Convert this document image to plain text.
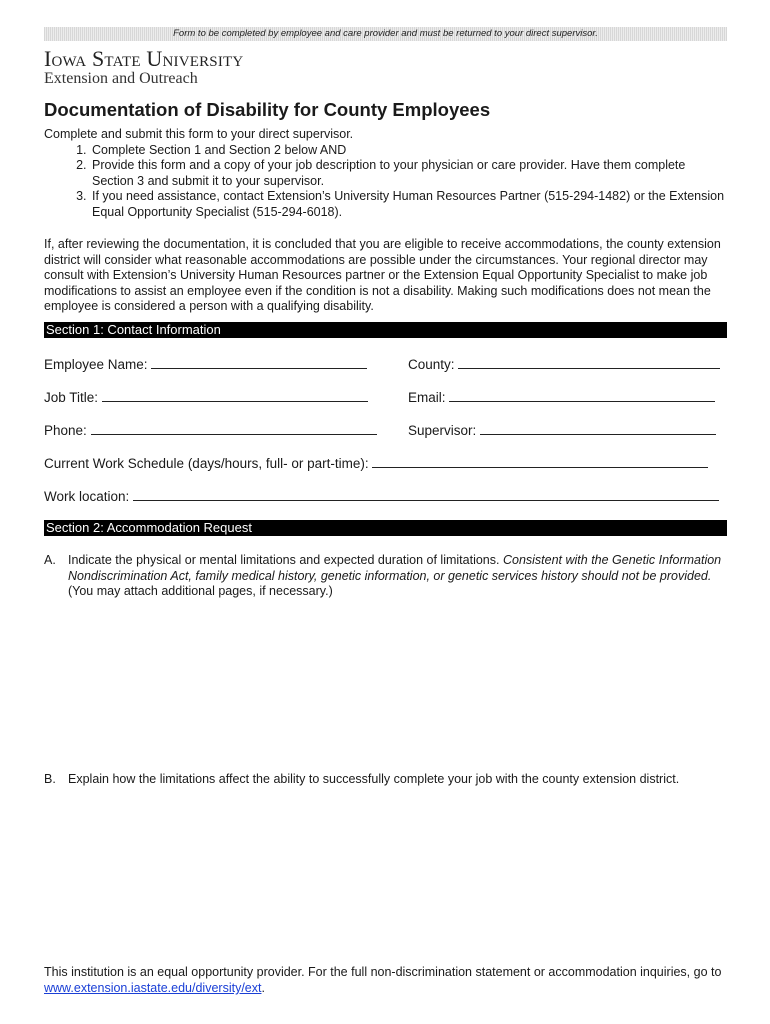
Form to be completed by employee and care provider and must be returned to your direct supervisor.
Iowa State University
Extension and Outreach
Documentation of Disability for County Employees
Complete and submit this form to your direct supervisor.
1. Complete Section 1 and Section 2 below AND
2. Provide this form and a copy of your job description to your physician or care provider. Have them complete Section 3 and submit it to your supervisor.
3. If you need assistance, contact Extension’s University Human Resources Partner (515-294-1482) or the Extension Equal Opportunity Specialist (515-294-6018).
If, after reviewing the documentation, it is concluded that you are eligible to receive accommodations, the county extension district will consider what reasonable accommodations are possible under the circumstances. Your regional director may consult with Extension’s University Human Resources partner or the Extension Equal Opportunity Specialist to make job modifications to assist an employee even if the condition is not a disability. Making such modifications does not mean the employee is considered a person with a qualifying disability.
Section 1: Contact Information
Employee Name:	County:
Job Title:	Email:
Phone:	Supervisor:
Current Work Schedule (days/hours, full- or part-time):
Work location:
Section 2: Accommodation Request
A. Indicate the physical or mental limitations and expected duration of limitations. Consistent with the Genetic Information Nondiscrimination Act, family medical history, genetic information, or genetic services history should not be provided. (You may attach additional pages, if necessary.)
B. Explain how the limitations affect the ability to successfully complete your job with the county extension district.
This institution is an equal opportunity provider. For the full non-discrimination statement or accommodation inquiries, go to www.extension.iastate.edu/diversity/ext.
